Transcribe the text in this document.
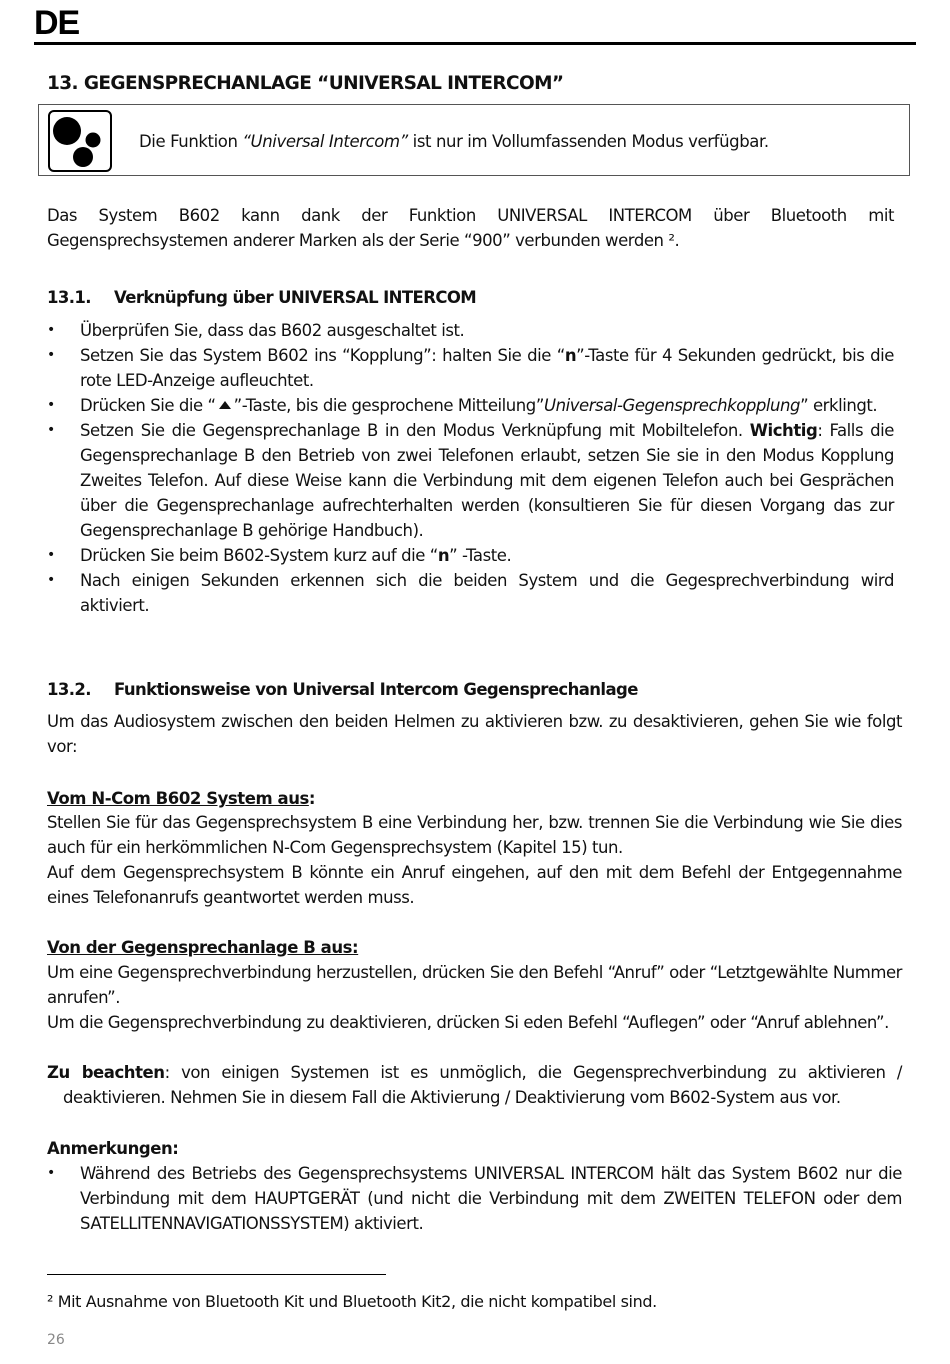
DE
13. GEGENSPRECHANLAGE “UNIVERSAL INTERCOM”
Die Funktion “Universal Intercom” ist nur im Vollumfassenden Modus verfügbar.
Das System B602 kann dank der Funktion UNIVERSAL INTERCOM über Bluetooth mit
Gegensprechsystemen anderer Marken als der Serie “900” verbunden werden ².
13.1. Verknüpfung über UNIVERSAL INTERCOM
• Überprüfen Sie, dass das B602 ausgeschaltet ist.
• Setzen Sie das System B602 ins “Kopplung”: halten Sie die “n”-Taste für 4 Sekunden gedrückt, bis die rote LED-Anzeige aufleuchtet.
• Drücken Sie die “ ”-Taste, bis die gesprochene Mitteilung”Universal-Gegensprechkopplung” erklingt.
• Setzen Sie die Gegensprechanlage B in den Modus Verknüpfung mit Mobiltelefon. Wichtig: Falls die Gegensprechanlage B den Betrieb von zwei Telefonen erlaubt, setzen Sie sie in den Modus Kopplung Zweites Telefon. Auf diese Weise kann die Verbindung mit dem eigenen Telefon auch bei Gesprächen über die Gegensprechanlage aufrechterhalten werden (konsultieren Sie für diesen Vorgang das zur Gegensprechanlage B gehörige Handbuch).
• Drücken Sie beim B602-System kurz auf die “n” -Taste.
• Nach einigen Sekunden erkennen sich die beiden System und die Gegesprechverbindung wird aktiviert.
13.2. Funktionsweise von Universal Intercom Gegensprechanlage
Um das Audiosystem zwischen den beiden Helmen zu aktivieren bzw. zu desaktivieren, gehen Sie wie folgt vor:
Vom N-Com B602 System aus:
Stellen Sie für das Gegensprechsystem B eine Verbindung her, bzw. trennen Sie die Verbindung wie Sie dies auch für ein herkömmlichen N-Com Gegensprechsystem (Kapitel 15) tun.
Auf dem Gegensprechsystem B könnte ein Anruf eingehen, auf den mit dem Befehl der Entgegennahme eines Telefonanrufs geantwortet werden muss.
Von der Gegensprechanlage B aus:
Um eine Gegensprechverbindung herzustellen, drücken Sie den Befehl “Anruf” oder “Letztgewählte Nummer anrufen”.
Um die Gegensprechverbindung zu deaktivieren, drücken Si eden Befehl “Auflegen” oder “Anruf ablehnen”.
Zu beachten: von einigen Systemen ist es unmöglich, die Gegensprechverbindung zu aktivieren /
deaktivieren. Nehmen Sie in diesem Fall die Aktivierung / Deaktivierung vom B602-System aus vor.
Anmerkungen:
• Während des Betriebs des Gegensprechsystems UNIVERSAL INTERCOM hält das System B602 nur die Verbindung mit dem HAUPTGERÄT (und nicht die Verbindung mit dem ZWEITEN TELEFON oder dem SATELLITENNAVIGATIONSSYSTEM) aktiviert.
² Mit Ausnahme von Bluetooth Kit und Bluetooth Kit2, die nicht kompatibel sind.
26
